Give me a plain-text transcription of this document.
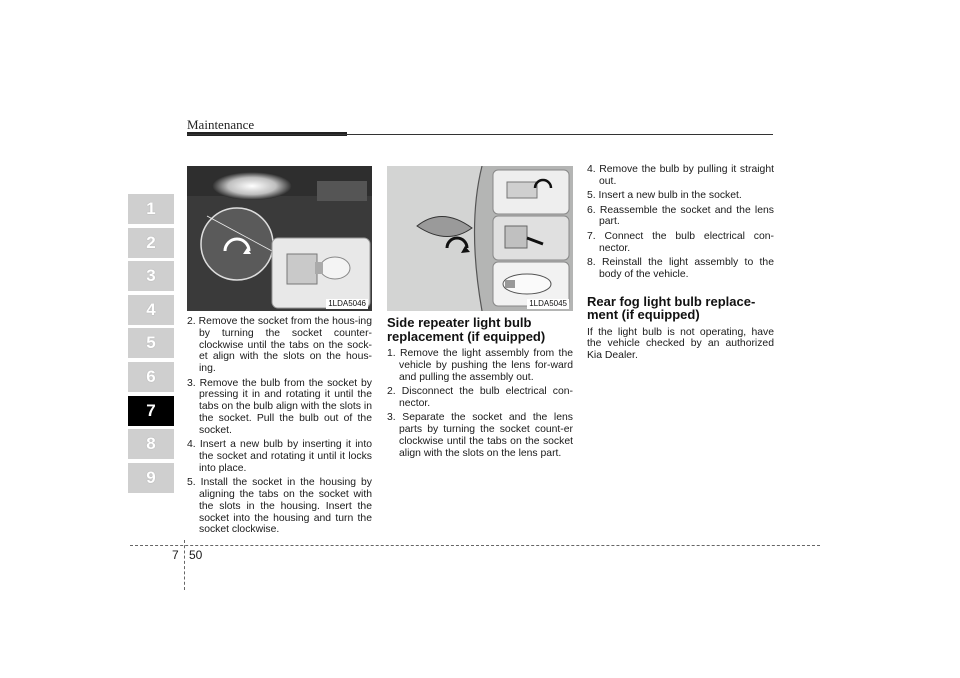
Maintenance
1
2
3
4
5
6
7
8
9
1LDA5046	1LDA5045
2. Remove the socket from the hous-ing by turning the socket counter-clockwise until the tabs on the sock-et align with the slots on the hous-ing.
3. Remove the bulb from the socket by pressing it in and rotating it until the tabs on the bulb align with the slots in the socket. Pull the bulb out of the socket.
4. Insert a new bulb by inserting it into the socket and rotating it until it locks into place.
5. Install the socket in the housing by aligning the tabs on the socket with the slots in the housing. Insert the socket into the housing and turn the socket clockwise.
Side repeater light bulb replacement (if equipped)
1. Remove the light assembly from the vehicle by pushing the lens for-ward and pulling the assembly out.
2. Disconnect the bulb electrical con-nector.
3. Separate the socket and the lens parts by turning the socket count-er clockwise until the tabs on the socket align with the slots on the lens part.
4. Remove the bulb by pulling it straight out.
5. Insert a new bulb in the socket.
6. Reassemble the socket and the lens part.
7. Connect the bulb electrical con-nector.
8. Reinstall the light assembly to the body of the vehicle.
Rear fog light bulb replace-ment (if equipped)

If the light bulb is not operating, have the vehicle checked by an authorized Kia Dealer.

7 50
